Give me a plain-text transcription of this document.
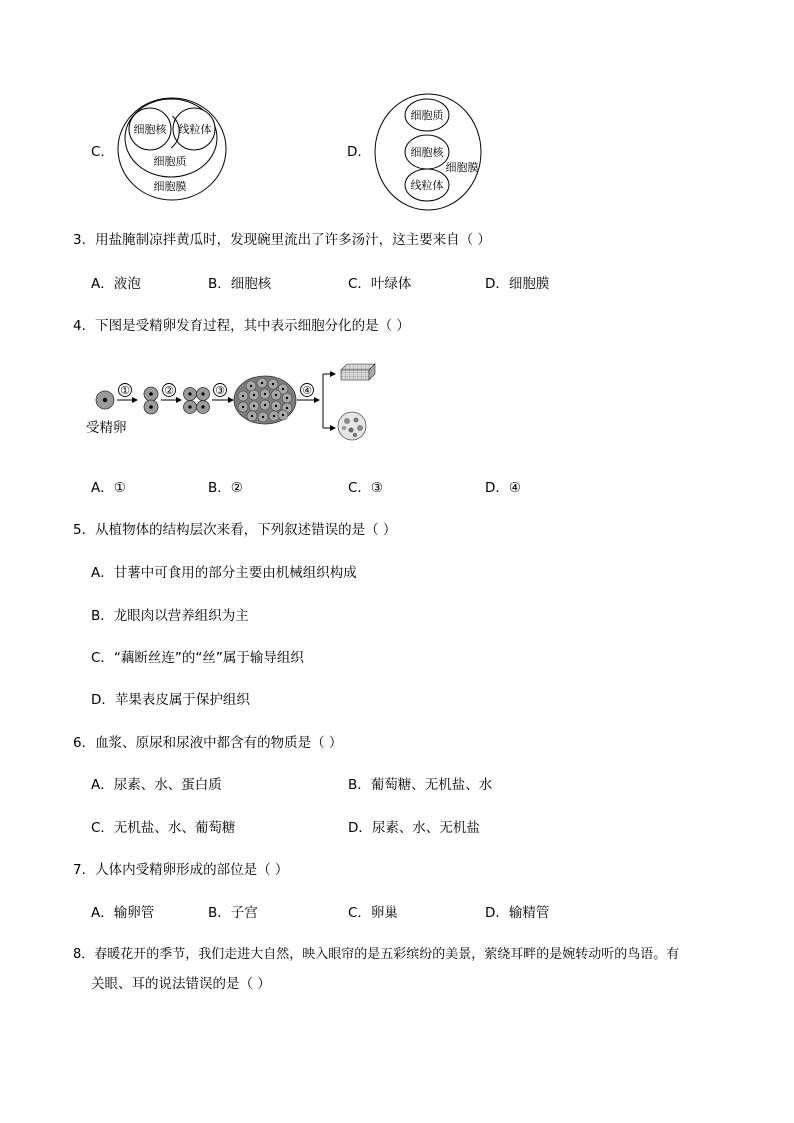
C.
细胞核 线粒体
细胞质
细胞膜
D.
细胞质
细胞核
细胞膜
线粒体
3．用盐腌制凉拌黄瓜时，发现碗里流出了许多汤汁，这主要来自（ ）
A．液泡	B．细胞核	C．叶绿体	D．细胞膜
4．下图是受精卵发育过程，其中表示细胞分化的是（ ）
①	②	③	④
受精卵
A．①	B．②	C．③	D．④
5．从植物体的结构层次来看，下列叙述错误的是（ ）
A．甘薯中可食用的部分主要由机械组织构成
B．龙眼肉以营养组织为主
C．“藕断丝连”的“丝”属于输导组织
D．苹果表皮属于保护组织
6．血浆、原尿和尿液中都含有的物质是（ ）
A．尿素、水、蛋白质	B．葡萄糖、无机盐、水
C．无机盐、水、葡萄糖	D．尿素、水、无机盐
7．人体内受精卵形成的部位是（ ）
A．输卵管	B．子宫	C．卵巢	D．输精管
8．春暖花开的季节，我们走进大自然，映入眼帘的是五彩缤纷的美景，萦绕耳畔的是婉转动听的鸟语。有
关眼、耳的说法错误的是（ ）
